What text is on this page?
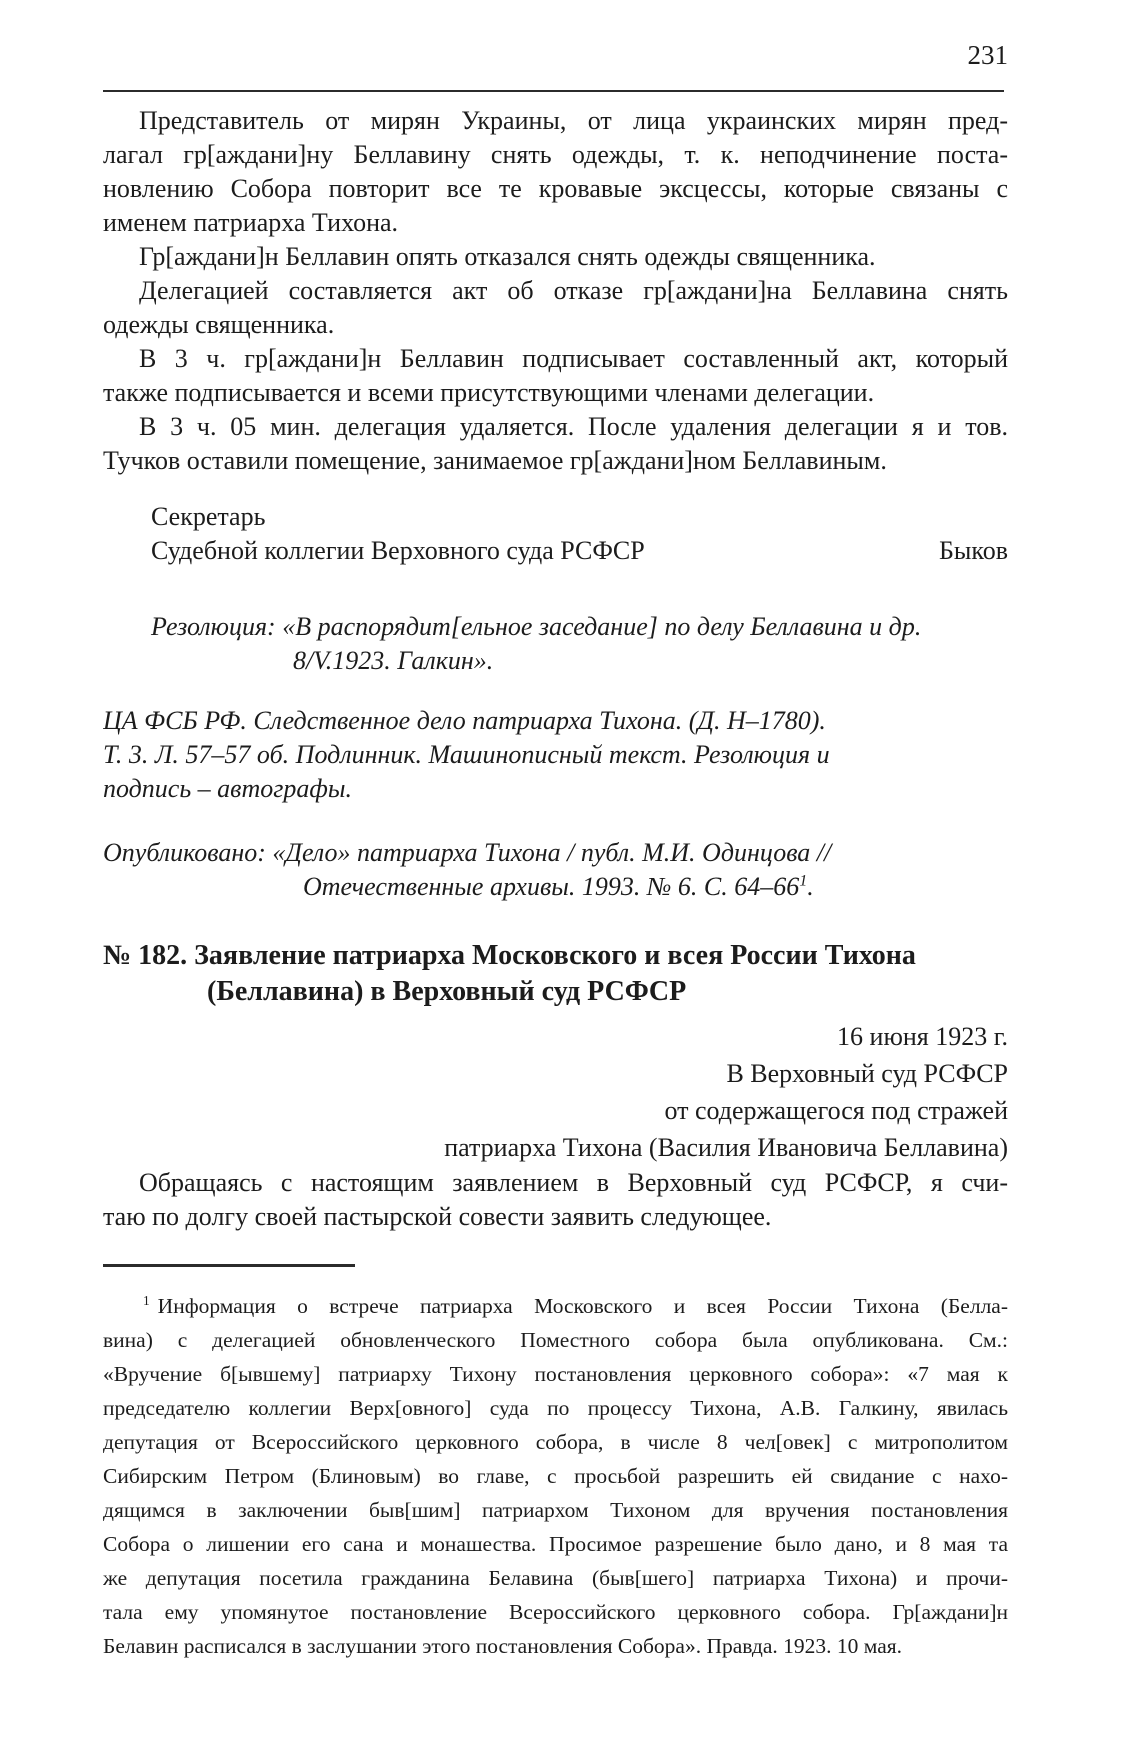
231

Представитель от мирян Украины, от лица украинских мирян пред-
лагал гр[аждани]ну Беллавину снять одежды, т. к. неподчинение поста-
новлению Собора повторит все те кровавые эксцессы, которые связаны с
именем патриарха Тихона.

Гр[аждани]н Беллавин опять отказался снять одежды священника.

Делегацией составляется акт об отказе гр[аждани]на Беллавина снять
одежды священника.

В 3 ч. гр[аждани]н Беллавин подписывает составленный акт, который
также подписывается и всеми присутствующими членами делегации.

В 3 ч. 05 мин. делегация удаляется. После удаления делегации я и тов.
Тучков оставили помещение, занимаемое гр[аждани]ном Беллавиным.

Секретарь
Судебной коллегии Верховного суда РСФСР	Быков
Резолюция: «В распорядит[ельное заседание] по делу Беллавина и др.
8/V.1923. Галкин».
ЦА ФСБ РФ. Следственное дело патриарха Тихона. (Д. Н–1780).
Т. 3. Л. 57–57 об. Подлинник. Машинописный текст. Резолюция и
подпись – автографы.
Опубликовано: «Дело» патриарха Тихона / публ. М.И. Одинцова //
Отечественные архивы. 1993. № 6. С. $64-66^1$.
№ 182. Заявление патриарха Московского и всея России Тихона
(Беллавина) в Верховный суд РСФСР
16 июня 1923 г.
В Верховный суд РСФСР
от содержащегося под стражей
патриарха Тихона (Василия Ивановича Беллавина)

Обращаясь с настоящим заявлением в Верховный суд РСФСР, я счи-
таю по долгу своей пастырской совести заявить следующее.

$^1$ Информация о встрече патриарха Московского и всея России Тихона (Белла-
вина) с делегацией обновленческого Поместного собора была опубликована. См.:
«Вручение б[ывшему] патриарху Тихону постановления церковного собора»: «7 мая к
председателю коллегии Верх[овного] суда по процессу Тихона, А.В. Галкину, явилась
депутация от Всероссийского церковного собора, в числе 8 чел[овек] с митрополитом
Сибирским Петром (Блиновым) во главе, с просьбой разрешить ей свидание с нахо-
дящимся в заключении быв[шим] патриархом Тихоном для вручения постановления
Собора о лишении его сана и монашества. Просимое разрешение было дано, и 8 мая та
же депутация посетила гражданина Белавина (быв[шего] патриарха Тихона) и прочи-
тала ему упомянутое постановление Всероссийского церковного собора. Гр[аждани]н
Белавин расписался в заслушании этого постановления Собора». Правда. 1923. 10 мая.
